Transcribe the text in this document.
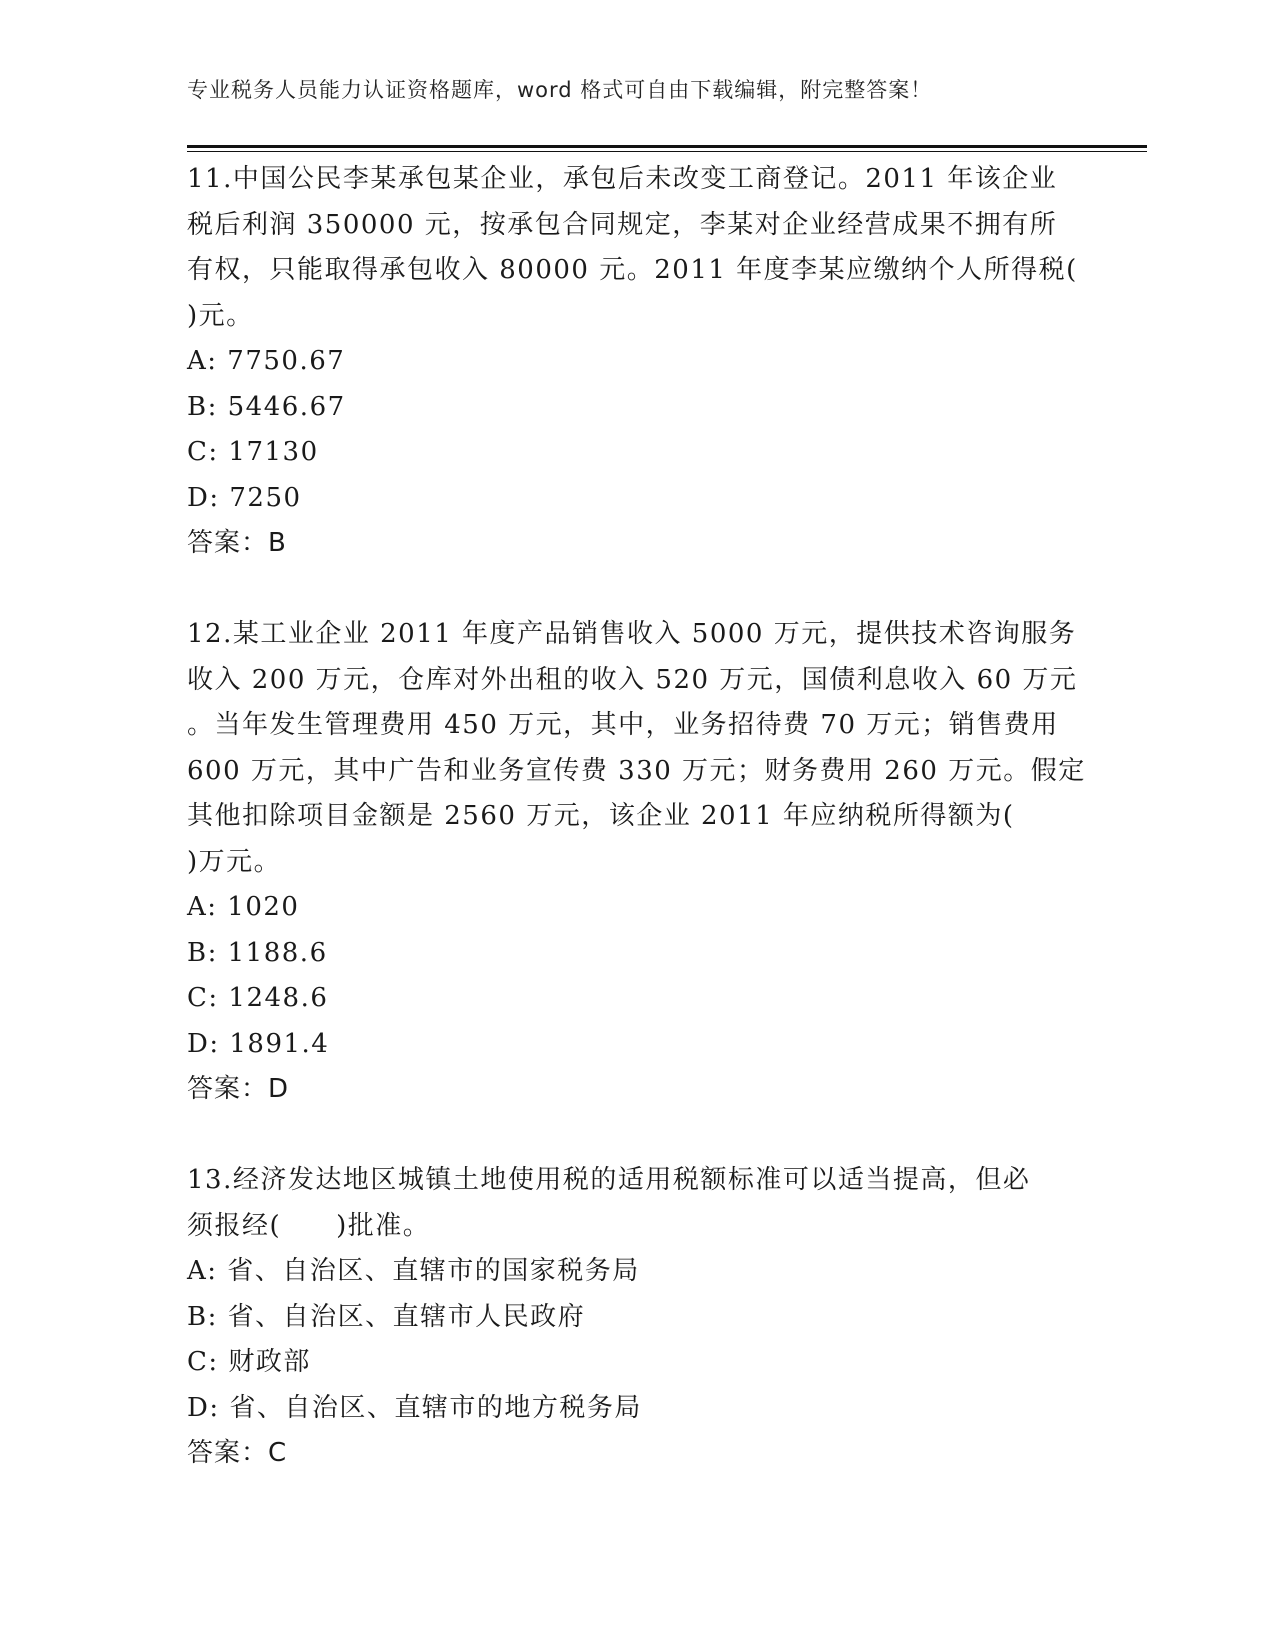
专业税务人员能力认证资格题库，word 格式可自由下载编辑，附完整答案！
11.中国公民李某承包某企业，承包后未改变工商登记。2011 年该企业
税后利润 350000 元，按承包合同规定，李某对企业经营成果不拥有所
有权，只能取得承包收入 80000 元。2011 年度李某应缴纳个人所得税(
)元。
A: 7750.67
B: 5446.67
C: 17130
D: 7250
答案：B
12.某工业企业 2011 年度产品销售收入 5000 万元，提供技术咨询服务
收入 200 万元，仓库对外出租的收入 520 万元，国债利息收入 60 万元
。当年发生管理费用 450 万元，其中，业务招待费 70 万元；销售费用
600 万元，其中广告和业务宣传费 330 万元；财务费用 260 万元。假定
其他扣除项目金额是 2560 万元，该企业 2011 年应纳税所得额为(
)万元。
A: 1020
B: 1188.6
C: 1248.6
D: 1891.4
答案：D
13.经济发达地区城镇土地使用税的适用税额标准可以适当提高，但必
须报经(　　)批准。
A: 省、自治区、直辖市的国家税务局
B: 省、自治区、直辖市人民政府
C: 财政部
D: 省、自治区、直辖市的地方税务局
答案：C
